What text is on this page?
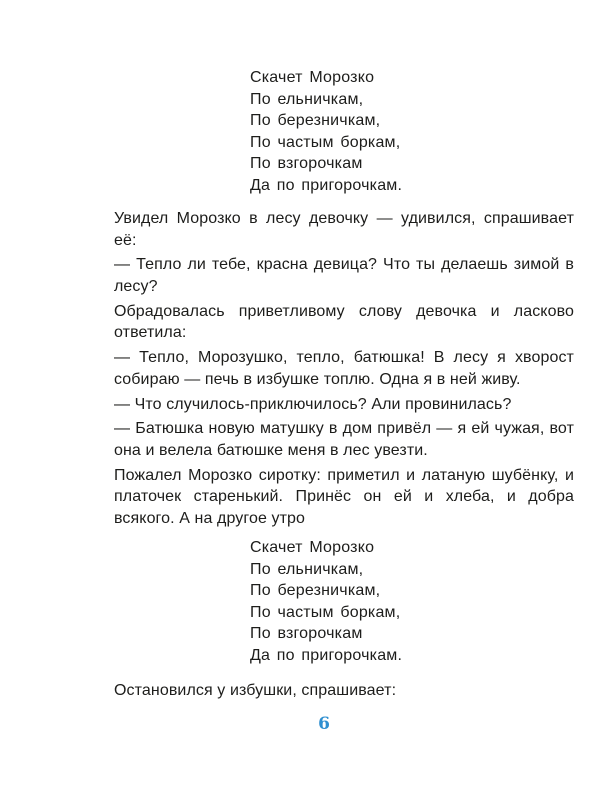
Скачет Морозко
По ельничкам,
По березничкам,
По частым боркам,
По взгорочкам
Да по пригорочкам.

Увидел Морозко в лесу девочку — удивился, спрашивает её:

— Тепло ли тебе, красна девица? Что ты делаешь зимой в лесу?

Обрадовалась приветливому слову девочка и ласково ответила:

— Тепло, Морозушко, тепло, батюшка! В лесу я хворост собираю — печь в избушке топлю. Одна я в ней живу.

— Что случилось-приключилось? Али провинилась?

— Батюшка новую матушку в дом привёл — я ей чужая, вот она и велела батюшке меня в лес увезти.

Пожалел Морозко сиротку: приметил и латаную шубёнку, и платочек старенький. Принёс он ей и хлеба, и добра всякого. А на другое утро

Скачет Морозко
По ельничкам,
По березничкам,
По частым боркам,
По взгорочкам
Да по пригорочкам.

Остановился у избушки, спрашивает:

6
